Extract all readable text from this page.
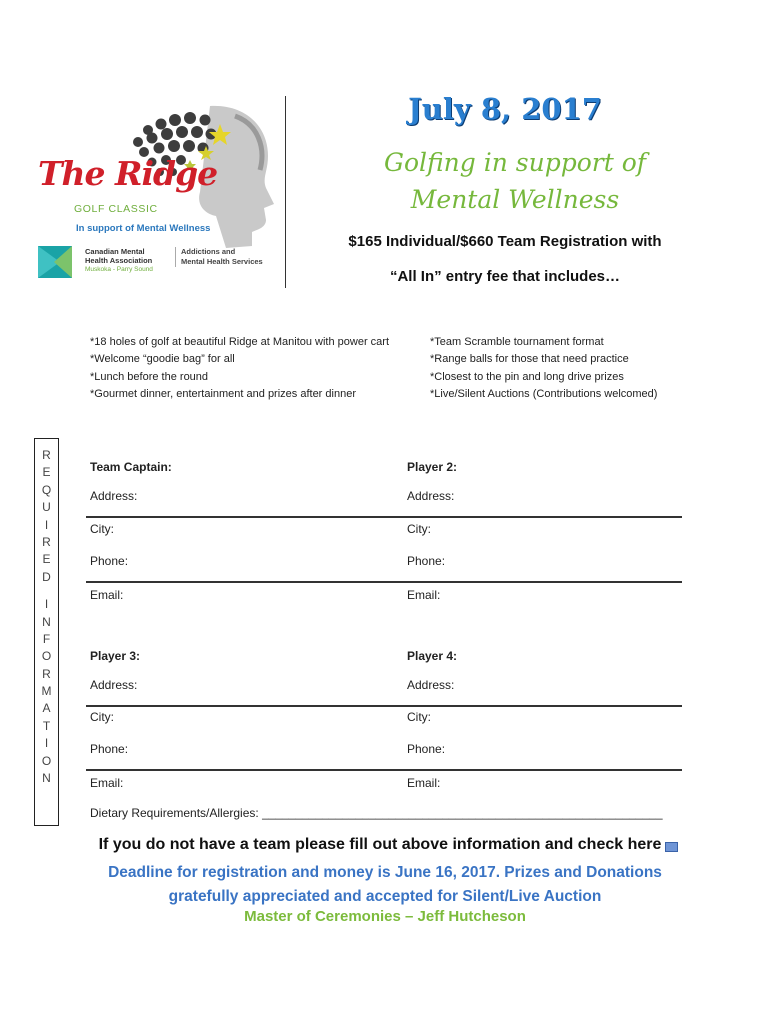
The Ridge
GOLF CLASSIC
In support of Mental Wellness
Canadian Mental
Health Association
Muskoka - Parry Sound
Addictions and
Mental Health Services
July 8, 2017
Golfing in support of
Mental Wellness
$165 Individual/$660 Team Registration with
“All In” entry fee that includes…
*18 holes of golf at beautiful Ridge at Manitou with power cart
*Welcome “goodie bag” for all
*Lunch before the round
*Gourmet dinner, entertainment and prizes after dinner
*Team Scramble tournament format
*Range balls for those that need practice
*Closest to the pin and long drive prizes
*Live/Silent Auctions (Contributions welcomed)
R
E
Q
U
I
R
E
D
I
N
F
O
R
M
A
T
I
O
N
Team Captain:	Player 2:
Address:	Address:
City:	City:
Phone:	Phone:
Email:	Email:
Player 3:	Player 4:
Address:	Address:
City:	City:
Phone:	Phone:
Email:	Email:
Dietary Requirements/Allergies: ____________________________________________________________
If you do not have a team please fill out above information and check here
Deadline for registration and money is June 16, 2017. Prizes and Donations
gratefully appreciated and accepted for Silent/Live Auction
Master of Ceremonies – Jeff Hutcheson
